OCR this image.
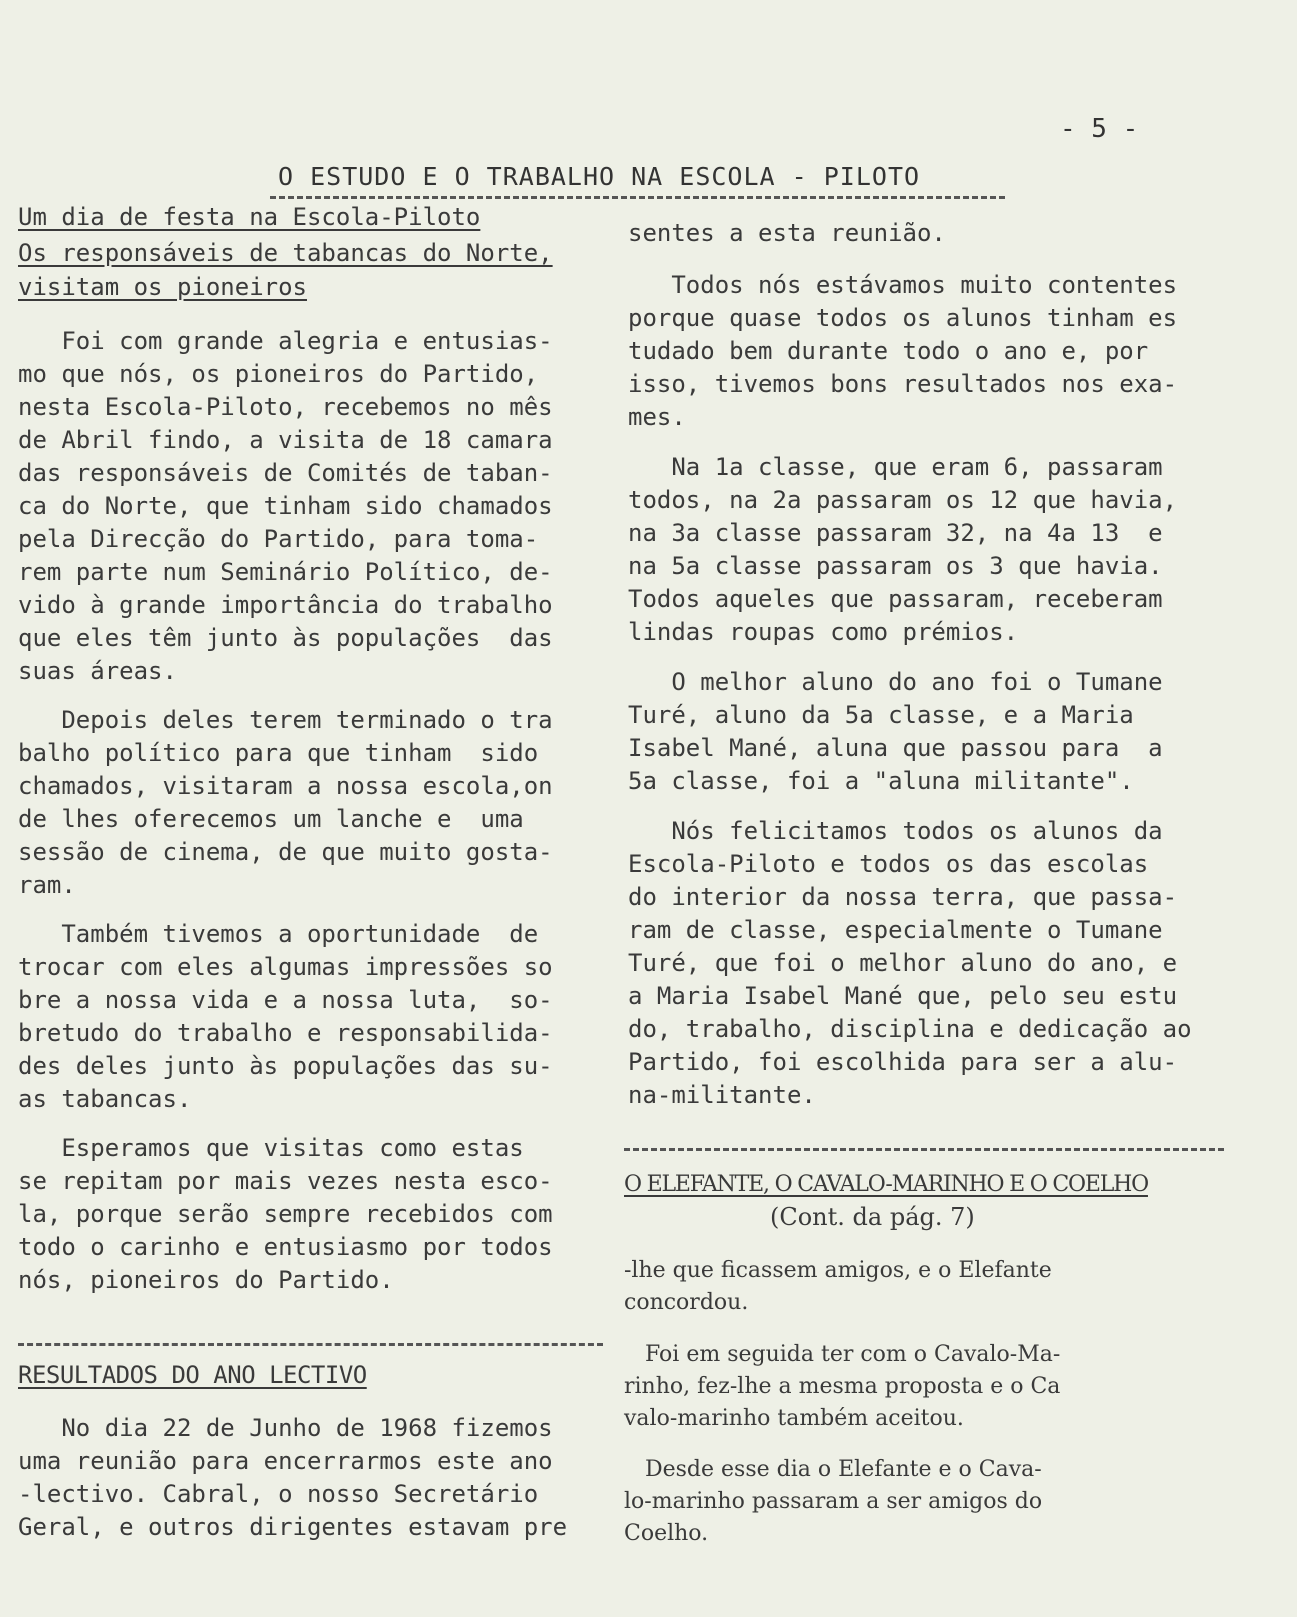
- 5 -
O ESTUDO E O TRABALHO NA ESCOLA - PILOTO
Um dia de festa na Escola-Piloto
Os responsáveis de tabancas do Norte,
visitam os pioneiros
Foi com grande alegria e entusias-
mo que nós, os pioneiros do Partido,
nesta Escola-Piloto, recebemos no mês
de Abril findo, a visita de 18 camara
das responsáveis de Comités de taban-
ca do Norte, que tinham sido chamados
pela Direcção do Partido, para toma-
rem parte num Seminário Político, de-
vido à grande importância do trabalho
que eles têm junto às populações  das
suas áreas.
Depois deles terem terminado o tra
balho político para que tinham  sido
chamados, visitaram a nossa escola,on
de lhes oferecemos um lanche e  uma
sessão de cinema, de que muito gosta-
ram.
Também tivemos a oportunidade  de
trocar com eles algumas impressões so
bre a nossa vida e a nossa luta,  so-
bretudo do trabalho e responsabilida-
des deles junto às populações das su-
as tabancas.
Esperamos que visitas como estas
se repitam por mais vezes nesta esco-
la, porque serão sempre recebidos com
todo o carinho e entusiasmo por todos
nós, pioneiros do Partido.
RESULTADOS DO ANO LECTIVO
No dia 22 de Junho de 1968 fizemos
uma reunião para encerrarmos este ano
-lectivo. Cabral, o nosso Secretário
Geral, e outros dirigentes estavam pre
sentes a esta reunião.
Todos nós estávamos muito contentes
porque quase todos os alunos tinham es
tudado bem durante todo o ano e, por
isso, tivemos bons resultados nos exa-
mes.
Na 1a classe, que eram 6, passaram
todos, na 2a passaram os 12 que havia,
na 3a classe passaram 32, na 4a 13  e
na 5a classe passaram os 3 que havia.
Todos aqueles que passaram, receberam
lindas roupas como prémios.
O melhor aluno do ano foi o Tumane
Turé, aluno da 5a classe, e a Maria
Isabel Mané, aluna que passou para  a
5a classe, foi a "aluna militante".
Nós felicitamos todos os alunos da
Escola-Piloto e todos os das escolas
do interior da nossa terra, que passa-
ram de classe, especialmente o Tumane
Turé, que foi o melhor aluno do ano, e
a Maria Isabel Mané que, pelo seu estu
do, trabalho, disciplina e dedicação ao
Partido, foi escolhida para ser a alu-
na-militante.
O ELEFANTE, O CAVALO-MARINHO E O COELHO
(Cont. da pág. 7)
-lhe que ficassem amigos, e o Elefante
concordou.
Foi em seguida ter com o Cavalo-Ma-
rinho, fez-lhe a mesma proposta e o Ca
valo-marinho também aceitou.
Desde esse dia o Elefante e o Cava-
lo-marinho passaram a ser amigos do
Coelho.
